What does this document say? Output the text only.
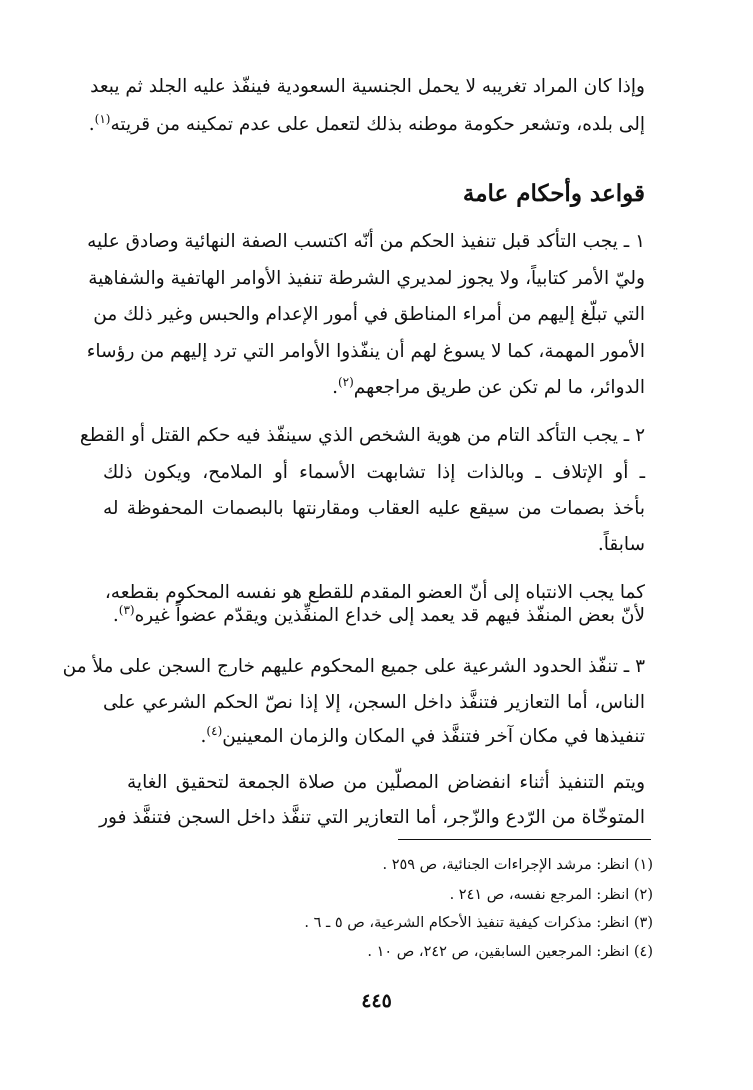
وإذا كان المراد تغريبه لا يحمل الجنسية السعودية فينفّذ عليه الجلد ثم يبعد
إلى بلده، وتشعر حكومة موطنه بذلك لتعمل على عدم تمكينه من قريته$^{(١)}$.
قواعد وأحكام عامة
١ ـ يجب التأكد قبل تنفيذ الحكم من أنّه اكتسب الصفة النهائية وصادق عليه
وليّ الأمر كتابياً، ولا يجوز لمديري الشرطة تنفيذ الأوامر الهاتفية والشفاهية
التي تبلّغ إليهم من أمراء المناطق في أمور الإعدام والحبس وغير ذلك من
الأمور المهمة، كما لا يسوغ لهم أن ينفّذوا الأوامر التي ترد إليهم من رؤساء
الدوائر، ما لم تكن عن طريق مراجعهم$^{(٢)}$.
٢ ـ يجب التأكد التام من هوية الشخص الذي سينفّذ فيه حكم القتل أو القطع
ـ أو الإتلاف ـ وبالذات إذا تشابهت الأسماء أو الملامح، ويكون ذلك
بأخذ بصمات من سيقع عليه العقاب ومقارنتها بالبصمات المحفوظة له
سابقاً.
كما يجب الانتباه إلى أنّ العضو المقدم للقطع هو نفسه المحكوم بقطعه،
لأنّ بعض المنفّذ فيهم قد يعمد إلى خداع المنفِّذين ويقدّم عضواً غيره$^{(٣)}$.
٣ ـ تنفّذ الحدود الشرعية على جميع المحكوم عليهم خارج السجن على ملأ من
الناس، أما التعازير فتنفَّذ داخل السجن، إلا إذا نصّ الحكم الشرعي على
تنفيذها في مكان آخر فتنفَّذ في المكان والزمان المعينين$^{(٤)}$.
ويتم التنفيذ أثناء انفضاض المصلّين من صلاة الجمعة لتحقيق الغاية
المتوخّاة من الرّدع والزّجر، أما التعازير التي تنفَّذ داخل السجن فتنفَّذ فور
(١) انظر: مرشد الإجراءات الجنائية، ص ٢٥٩ .
(٢) انظر: المرجع نفسه، ص ٢٤١ .
(٣) انظر: مذكرات كيفية تنفيذ الأحكام الشرعية، ص ٥ ـ ٦ .
(٤) انظر: المرجعين السابقين، ص ٢٤٢، ص ١٠ .
٤٤٥
